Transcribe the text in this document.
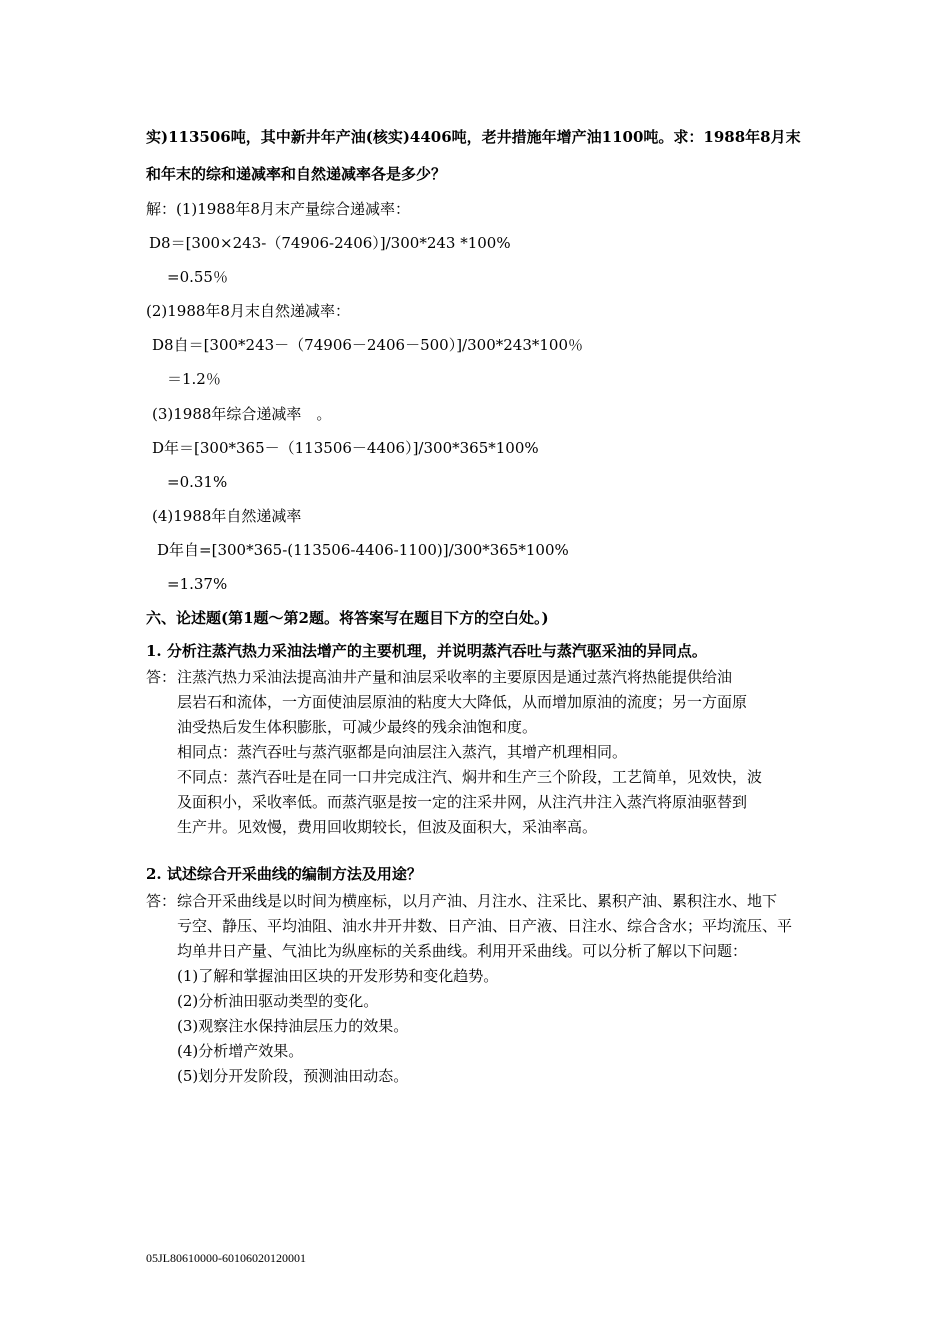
实)113506吨，其中新井年产油(核实)4406吨，老井措施年增产油1100吨。求：1988年8月末
和年末的综和递减率和自然递减率各是多少？
解：(1)1988年8月末产量综合递减率：
D8＝[300×243-（74906-2406）]/300*243 *100%
=0.55％
(2)1988年8月末自然递减率：
D8自＝[300*243－（74906－2406－500）]/300*243*100％
＝1.2％
(3)1988年综合递减率　。
D年＝[300*365－（113506－4406）]/300*365*100%
=0.31%
(4)1988年自然递减率
D年自=[300*365-(113506-4406-1100)]/300*365*100%
=1.37%
六、论述题(第1题～第2题。将答案写在题目下方的空白处。)
1. 分析注蒸汽热力采油法增产的主要机理，并说明蒸汽吞吐与蒸汽驱采油的异同点。
答： 注蒸汽热力采油法提高油井产量和油层采收率的主要原因是通过蒸汽将热能提供给油
层岩石和流体，一方面使油层原油的粘度大大降低，从而增加原油的流度；另一方面原
油受热后发生体积膨胀，可减少最终的残余油饱和度。
相同点：蒸汽吞吐与蒸汽驱都是向油层注入蒸汽，其增产机理相同。
不同点：蒸汽吞吐是在同一口井完成注汽、焖井和生产三个阶段，工艺简单，见效快，波
及面积小，采收率低。而蒸汽驱是按一定的注采井网，从注汽井注入蒸汽将原油驱替到
生产井。见效慢，费用回收期较长，但波及面积大，采油率高。
2. 试述综合开采曲线的编制方法及用途？
答： 综合开采曲线是以时间为横座标，以月产油、月注水、注采比、累积产油、累积注水、地下
亏空、静压、平均油阻、油水井开井数、日产油、日产液、日注水、综合含水；平均流压、平
均单井日产量、气油比为纵座标的关系曲线。利用开采曲线。可以分析了解以下问题：
(1)了解和掌握油田区块的开发形势和变化趋势。
(2)分析油田驱动类型的变化。
(3)观察注水保持油层压力的效果。
(4)分析增产效果。
(5)划分开发阶段，预测油田动态。
05JL80610000-60106020120001
